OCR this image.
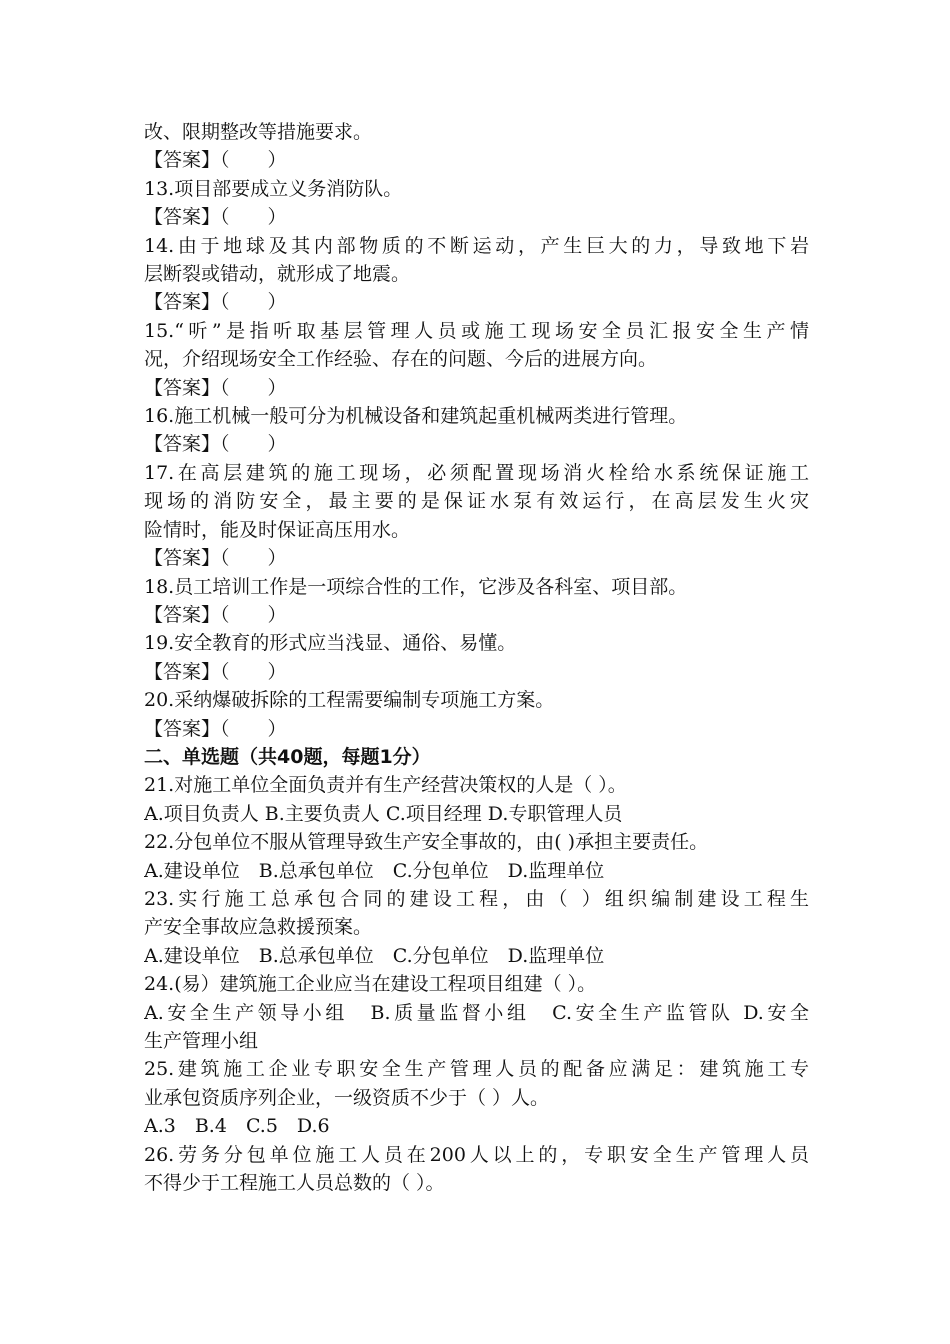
改、限期整改等措施要求。
【答案】（　　）
13.项目部要成立义务消防队。
【答案】（　　）
14.由于地球及其内部物质的不断运动，产生巨大的力，导致地下岩
层断裂或错动，就形成了地震。
【答案】（　　）
15.“听”是指听取基层管理人员或施工现场安全员汇报安全生产情
况，介绍现场安全工作经验、存在的问题、今后的进展方向。
【答案】（　　）
16.施工机械一般可分为机械设备和建筑起重机械两类进行管理。
【答案】（　　）
17.在高层建筑的施工现场，必须配置现场消火栓给水系统保证施工
现场的消防安全，最主要的是保证水泵有效运行，在高层发生火灾
险情时，能及时保证高压用水。
【答案】（　　）
18.员工培训工作是一项综合性的工作，它涉及各科室、项目部。
【答案】（　　）
19.安全教育的形式应当浅显、通俗、易懂。
【答案】（　　）
20.采纳爆破拆除的工程需要编制专项施工方案。
【答案】（　　）
二、单选题（共40题，每题1分）
21.对施工单位全面负责并有生产经营决策权的人是（ ）。
A.项目负责人 B.主要负责人 C.项目经理 D.专职管理人员
22.分包单位不服从管理导致生产安全事故的，由( )承担主要责任。
A.建设单位　B.总承包单位　C.分包单位　D.监理单位
23.实行施工总承包合同的建设工程，由（ ）组织编制建设工程生
产安全事故应急救援预案。
A.建设单位　B.总承包单位　C.分包单位　D.监理单位
24.(易）建筑施工企业应当在建设工程项目组建（ ）。
A.安全生产领导小组　B.质量监督小组　C.安全生产监管队 D.安全
生产管理小组
25.建筑施工企业专职安全生产管理人员的配备应满足：建筑施工专
业承包资质序列企业，一级资质不少于（ ）人。
A.3　B.4　C.5　D.6
26.劳务分包单位施工人员在200人以上的，专职安全生产管理人员
不得少于工程施工人员总数的（ ）。
